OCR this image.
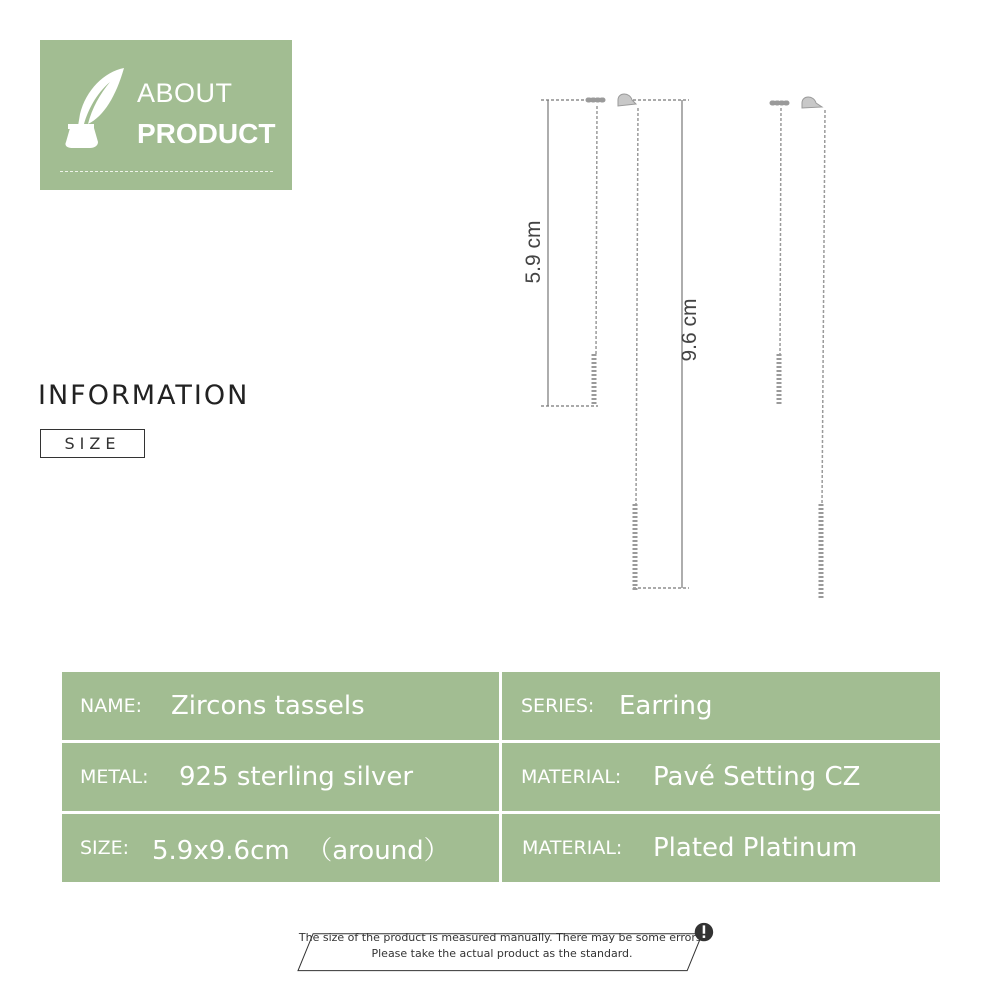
ABOUT
PRODUCT
INFORMATION
SIZE
5.9 cm
9.6 cm
NAME: Zircons tassels	SERIES: Earring
METAL: 925 sterling silver	MATERIAL: Pavé Setting CZ
SIZE: 5.9x9.6cm  （around）	MATERIAL: Plated Platinum
The size of the product is measured manually. There may be some errors.
Please take the actual product as the standard.
